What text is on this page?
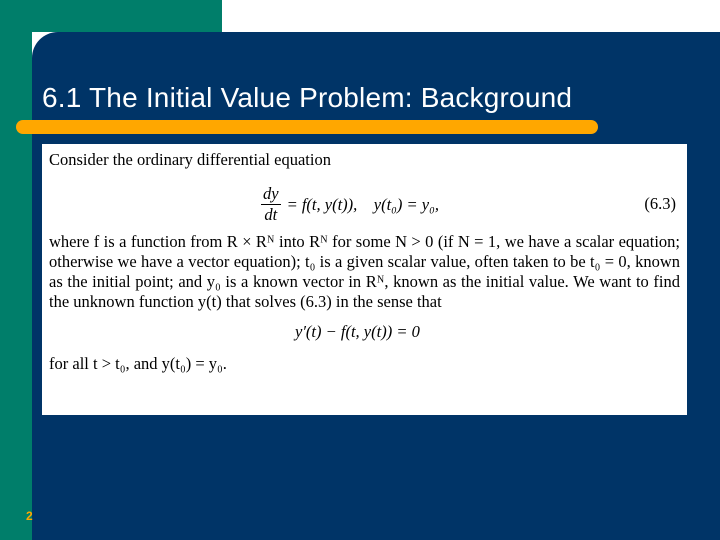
6.1 The Initial Value Problem: Background

Consider the ordinary differential equation

$\frac{dy}{dt} = f(t$, y(t)),    y(t₀) = y₀,	(6.3)

where f is a function from R × Rᴺ into Rᴺ for some N > 0 (if N = 1, we have a scalar equation; otherwise we have a vector equation); t₀ is a given scalar value, often taken to be t₀ = 0, known as the initial point; and y₀ is a known vector in Rᴺ, known as the initial value. We want to find the unknown function y(t) that solves (6.3) in the sense that

y′(t) − f(t, y(t)) = 0

for all t > t₀, and y(t₀) = y₀.

2
